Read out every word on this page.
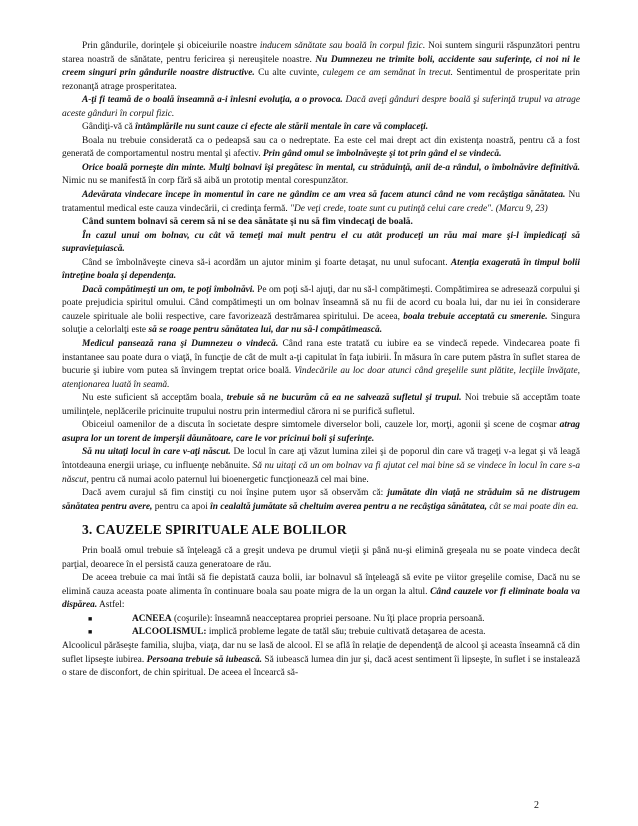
Prin gândurile, dorinţele şi obiceiurile noastre inducem sănătate sau boală în corpul fizic. Noi suntem singurii răspunzători pentru starea noastră de sănătate, pentru fericirea şi nereuşitele noastre. Nu Dumnezeu ne trimite boli, accidente sau suferinţe, ci noi ni le creem singuri prin gândurile noastre distructive. Cu alte cuvinte, culegem ce am semănat în trecut. Sentimentul de prosperitate prin rezonanţă atrage prosperitatea.

A-ţi fi teamă de o boală înseamnă a-i înlesni evoluţia, a o provoca. Dacă aveţi gânduri despre boală şi suferinţă trupul va atrage aceste gânduri în corpul fizic.

Gândiţi-vă că întâmplările nu sunt cauze ci efecte ale stării mentale în care vă complaceţi.

Boala nu trebuie considerată ca o pedeapsă sau ca o nedreptate. Ea este cel mai drept act din existenţa noastră, pentru că a fost generată de comportamentul nostru mental şi afectiv. Prin gând omul se îmbolnăveşte şi tot prin gând el se vindecă.

Orice boală porneşte din minte. Mulţi bolnavi îşi pregătesc în mental, cu străduinţă, anii de-a rândul, o îmbolnăvire definitivă. Nimic nu se manifestă în corp fără să aibă un prototip mental corespunzător.

Adevărata vindecare începe în momentul în care ne gândim ce am vrea să facem atunci când ne vom recâştiga sănătatea. Nu tratamentul medical este cauza vindecării, ci credinţa fermă. "De veţi crede, toate sunt cu putinţă celui care crede". (Marcu 9, 23)

Când suntem bolnavi să cerem să ni se dea sănătate şi nu să fim vindecaţi de boală.

În cazul unui om bolnav, cu cât vă temeţi mai mult pentru el cu atât produceţi un rău mai mare şi-l împiedicaţi să supravieţuiască.

Când se îmbolnăveşte cineva să-i acordăm un ajutor minim şi foarte detaşat, nu unul sufocant. Atenţia exagerată în timpul bolii întreţine boala şi dependenţa.

Dacă compătimeşti un om, te poţi îmbolnăvi. Pe om poţi să-l ajuţi, dar nu să-l compătimeşti. Compătimirea se adresează corpului şi poate prejudicia spiritul omului. Când compătimeşti un om bolnav înseamnă să nu fii de acord cu boala lui, dar nu iei în considerare cauzele spirituale ale bolii respective, care favorizează destrămarea spiritului. De aceea, boala trebuie acceptată cu smerenie. Singura soluţie a celorlalţi este să se roage pentru sănătatea lui, dar nu să-l compătimească.

Medicul pansează rana şi Dumnezeu o vindecă. Când rana este tratată cu iubire ea se vindecă repede. Vindecarea poate fi instantanee sau poate dura o viaţă, în funcţie de cât de mult a-ţi capitulat în faţa iubirii. În măsura în care putem păstra în suflet starea de bucurie şi iubire vom putea să învingem treptat orice boală. Vindecările au loc doar atunci când greşelile sunt plătite, lecţiile învăţate, atenţionarea luată în seamă.

Nu este suficient să acceptăm boala, trebuie să ne bucurăm că ea ne salvează sufletul şi trupul. Noi trebuie să acceptăm toate umilinţele, neplăcerile pricinuite trupului nostru prin intermediul cărora ni se purifică sufletul.

Obiceiul oamenilor de a discuta în societate despre simtomele diverselor boli, cauzele lor, morţi, agonii şi scene de coşmar atrag asupra lor un torent de imperşii dăunătoare, care le vor pricinui boli şi suferinţe.

Să nu uitaţi locul în care v-aţi născut. De locul în care aţi văzut lumina zilei şi de poporul din care vă trageţi v-a legat şi vă leagă întotdeauna energii uriaşe, cu influenţe nebănuite. Să nu uitaţi că un om bolnav va fi ajutat cel mai bine să se vindece în locul în care s-a născut, pentru că numai acolo paternul lui bioenergetic funcţionează cel mai bine.

Dacă avem curajul să fim cinstiţi cu noi înşine putem uşor să observăm că: jumătate din viaţă ne străduim să ne distrugem sănătatea pentru avere, pentru ca apoi în cealaltă jumătate să cheltuim averea pentru a ne recâştiga sănătatea, cât se mai poate din ea.

3. CAUZELE SPIRITUALE ALE BOLILOR

Prin boală omul trebuie să înţeleagă că a greşit undeva pe drumul vieţii şi până nu-şi elimină greşeala nu se poate vindeca decât parţial, deoarece în el persistă cauza generatoare de rău.

De aceea trebuie ca mai întâi să fie depistată cauza bolii, iar bolnavul să înţeleagă să evite pe viitor greşelile comise, Dacă nu se elimină cauza aceasta poate alimenta în continuare boala sau poate migra de la un organ la altul. Când cauzele vor fi eliminate boala va dispărea. Astfel:

■	ACNEEA (coşurile): înseamnă neacceptarea propriei persoane. Nu îţi place propria persoană.

■	ALCOOLISMUL: implică probleme legate de tatăl său; trebuie cultivată detaşarea de acesta.

Alcoolicul părăseşte familia, slujba, viaţa, dar nu se lasă de alcool. El se află în relaţie de dependenţă de alcool şi aceasta înseamnă că din suflet lipseşte iubirea. Persoana trebuie să iubească. Să iubească lumea din jur şi, dacă acest sentiment îi lipseşte, în suflet i se instalează o stare de disconfort, de chin spiritual. De aceea el încearcă să-

2
